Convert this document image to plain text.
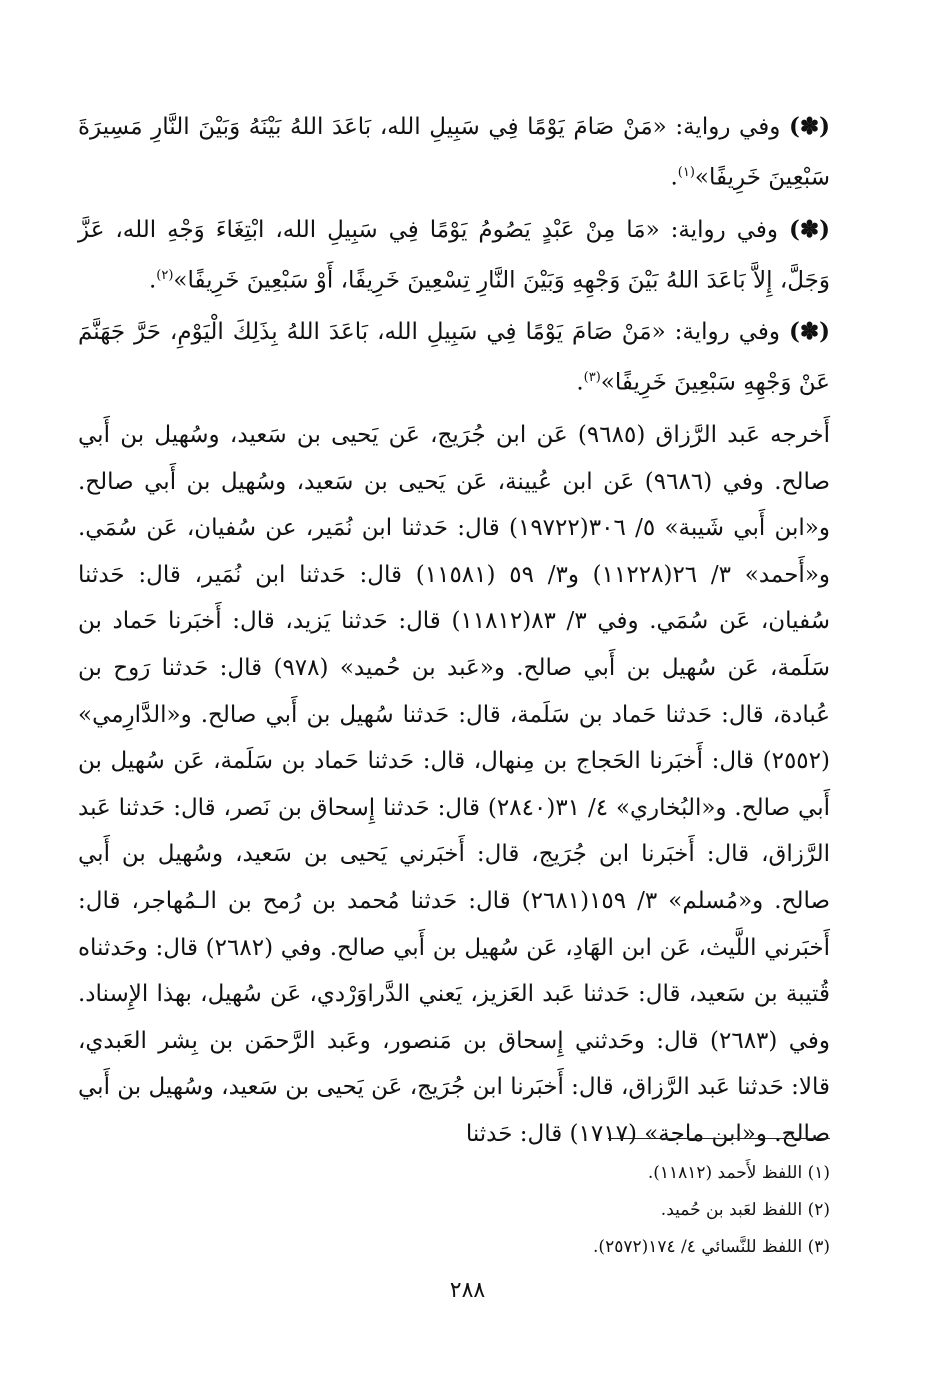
(✽) وفي رواية: «مَنْ صَامَ يَوْمًا فِي سَبِيلِ الله، بَاعَدَ اللهُ بَيْنَهُ وَبَيْنَ النَّارِ مَسِيرَةَ سَبْعِينَ خَرِيفًا»$^{(١)}$.

(✽) وفي رواية: «مَا مِنْ عَبْدٍ يَصُومُ يَوْمًا فِي سَبِيلِ الله، ابْتِغَاءَ وَجْهِ الله، عَزَّ وَجَلَّ، إِلاَّ بَاعَدَ اللهُ بَيْنَ وَجْهِهِ وَبَيْنَ النَّارِ تِسْعِينَ خَرِيفًا، أَوْ سَبْعِينَ خَرِيفًا»$^{(٢)}$.

(✽) وفي رواية: «مَنْ صَامَ يَوْمًا فِي سَبِيلِ الله، بَاعَدَ اللهُ بِذَلِكَ الْيَوْمِ، حَرَّ جَهَنَّمَ عَنْ وَجْهِهِ سَبْعِينَ خَرِيفًا»$^{(٣)}$.

أَخرجه عَبد الرَّزاق (٩٦٨٥) عَن ابن جُرَيج، عَن يَحيى بن سَعيد، وسُهيل بن أَبي صالح. وفي (٩٦٨٦) عَن ابن عُيينة، عَن يَحيى بن سَعيد، وسُهيل بن أَبي صالح. و«ابن أَبي شَيبة» ٥/ ٣٠٦(١٩٧٢٢) قال: حَدثنا ابن نُمَير، عن سُفيان، عَن سُمَي. و«أَحمد» ٣/ ٢٦(١١٢٢٨) و٣/ ٥٩ (١١٥٨١) قال: حَدثنا ابن نُمَير، قال: حَدثنا سُفيان، عَن سُمَي. وفي ٣/ ٨٣(١١٨١٢) قال: حَدثنا يَزيد، قال: أَخبَرنا حَماد بن سَلَمة، عَن سُهيل بن أَبي صالح. و«عَبد بن حُميد» (٩٧٨) قال: حَدثنا رَوح بن عُبادة، قال: حَدثنا حَماد بن سَلَمة، قال: حَدثنا سُهيل بن أَبي صالح. و«الدَّارِمي» (٢٥٥٢) قال: أَخبَرنا الحَجاج بن مِنهال، قال: حَدثنا حَماد بن سَلَمة، عَن سُهيل بن أَبي صالح. و«البُخاري» ٤/ ٣١(٢٨٤٠) قال: حَدثنا إِسحاق بن نَصر، قال: حَدثنا عَبد الرَّزاق، قال: أَخبَرنا ابن جُرَيج، قال: أَخبَرني يَحيى بن سَعيد، وسُهيل بن أَبي صالح. و«مُسلم» ٣/ ١٥٩(٢٦٨١) قال: حَدثنا مُحمد بن رُمح بن الـمُهاجر، قال: أَخبَرني اللَّيث، عَن ابن الهَادِ، عَن سُهيل بن أَبي صالح. وفي (٢٦٨٢) قال: وحَدثناه قُتيبة بن سَعيد، قال: حَدثنا عَبد العَزيز، يَعني الدَّراوَرْدي، عَن سُهيل، بهذا الإِسناد. وفي (٢٦٨٣) قال: وحَدثني إِسحاق بن مَنصور، وعَبد الرَّحمَن بن بِشر العَبدي، قالا: حَدثنا عَبد الرَّزاق، قال: أَخبَرنا ابن جُرَيج، عَن يَحيى بن سَعيد، وسُهيل بن أَبي صالح. و«ابن ماجة» (١٧١٧) قال: حَدثنا

(١) اللفظ لأَحمد (١١٨١٢).

(٢) اللفظ لعَبد بن حُميد.

(٣) اللفظ للنَّسائي ٤/ ١٧٤(٢٥٧٢).

٢٨٨
